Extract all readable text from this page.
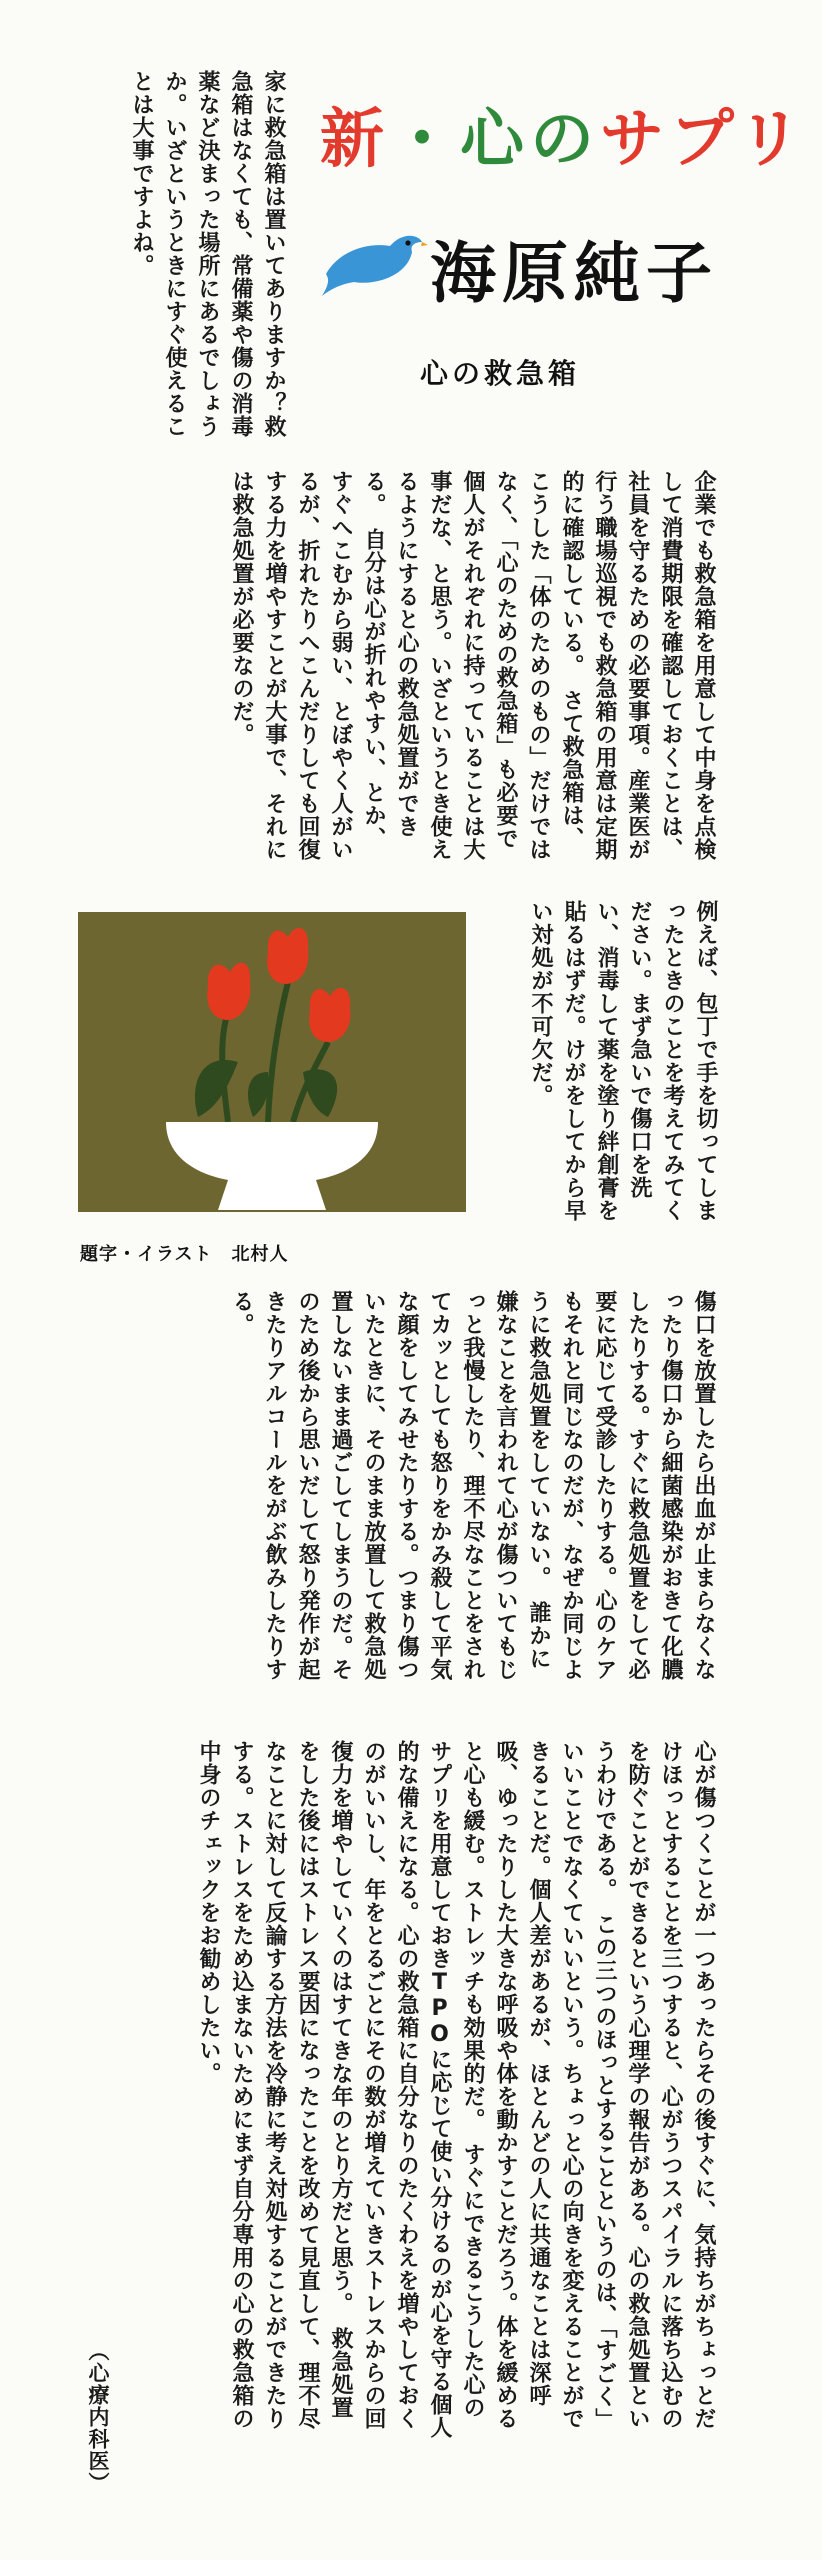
新・心のサプリ
海原純子
心の救急箱
家に救急箱は置いてありますか？救急箱はなくても、常備薬や傷の消毒薬など決まった場所にあるでしょうか。いざというときにすぐ使えることは大事ですよね。
企業でも救急箱を用意して中身を点検して消費期限を確認しておくことは、社員を守るための必要事項。産業医が行う職場巡視でも救急箱の用意は定期的に確認している。　さて救急箱は、こうした「体のためのもの」だけではなく、「心のための救急箱」も必要で個人がそれぞれに持っていることは大事だな、と思う。いざというとき使えるようにすると心の救急処置ができる。　自分は心が折れやすい、とか、すぐへこむから弱い、とぼやく人がいるが、折れたりへこんだりしても回復する力を増やすことが大事で、それには救急処置が必要なのだ。
例えば、包丁で手を切ってしまったときのことを考えてみてください。まず急いで傷口を洗い、消毒して薬を塗り絆創膏を貼るはずだ。けがをしてから早い対処が不可欠だ。
題字・イラスト　北村人
傷口を放置したら出血が止まらなくなったり傷口から細菌感染がおきて化膿したりする。すぐに救急処置をして必要に応じて受診したりする。心のケアもそれと同じなのだが、なぜか同じように救急処置をしていない。　誰かに嫌なことを言われて心が傷ついてもじっと我慢したり、理不尽なことをされてカッとしても怒りをかみ殺して平気な顔をしてみせたりする。つまり傷ついたときに、そのまま放置して救急処置しないまま過ごしてしまうのだ。そのため後から思いだして怒り発作が起きたりアルコールをがぶ飲みしたりする。
心が傷つくことが一つあったらその後すぐに、気持ちがちょっとだけほっとすることを三つすると、心がうつスパイラルに落ち込むのを防ぐことができるという心理学の報告がある。心の救急処置というわけである。　この三つのほっとすることというのは、「すごく」いいことでなくていいという。ちょっと心の向きを変えることができることだ。個人差があるが、ほとんどの人に共通なことは深呼吸、ゆったりした大きな呼吸や体を動かすことだろう。体を緩めると心も緩む。ストレッチも効果的だ。　すぐにできるこうした心のサプリを用意しておきTPOに応じて使い分けるのが心を守る個人的な備えになる。心の救急箱に自分なりのたくわえを増やしておくのがいいし、年をとるごとにその数が増えていきストレスからの回復力を増やしていくのはすてきな年のとり方だと思う。　救急処置をした後にはストレス要因になったことを改めて見直して、理不尽なことに対して反論する方法を冷静に考え対処することができたりする。ストレスをため込まないためにまず自分専用の心の救急箱の中身のチェックをお勧めしたい。
（心療内科医）
